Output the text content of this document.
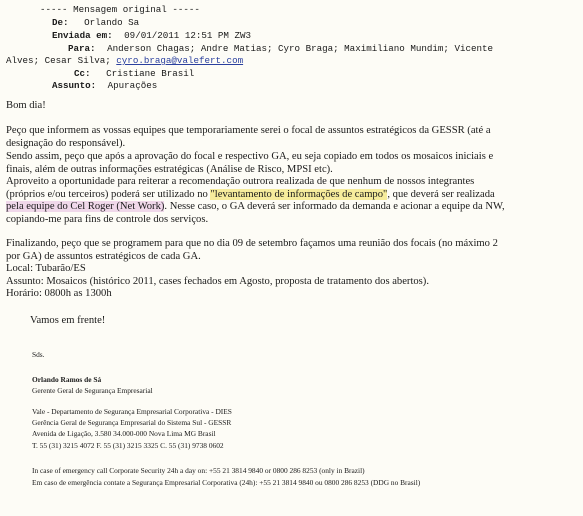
----- Mensagem original -----
De: Orlando Sa
Enviada em: 09/01/2011 12:51 PM ZW3
Para: Anderson Chagas; Andre Matias; Cyro Braga; Maximiliano Mundim; Vicente
Alves; Cesar Silva; cyro.braga@valefert.com
Cc: Cristiane Brasil
Assunto: Apurações
Bom dia!
Peço que informem as vossas equipes que temporariamente serei o focal de assuntos estratégicos da GESSR (até a
designação do responsável).
Sendo assim, peço que após a aprovação do focal e respectivo GA, eu seja copiado em todos os mosaicos iniciais e
finais, além de outras informações estratégicas (Análise de Risco, MPSI etc).
Aproveito a oportunidade para reiterar a recomendação outrora realizada de que nenhum de nossos integrantes
(próprios e/ou terceiros) poderá ser utilizado no "levantamento de informações de campo", que deverá ser realizada
pela equipe do Cel Roger (Net Work). Nesse caso, o GA deverá ser informado da demanda e acionar a equipe da NW,
copiando-me para fins de controle dos serviços.
Finalizando, peço que se programem para que no dia 09 de setembro façamos uma reunião dos focais (no máximo 2
por GA) de assuntos estratégicos de cada GA.
Local: Tubarão/ES
Assunto: Mosaicos (histórico 2011, cases fechados em Agosto, proposta de tratamento dos abertos).
Horário: 0800h as 1300h
Vamos em frente!
Sds.
Orlando Ramos de Sá
Gerente Geral de Segurança Empresarial
Vale - Departamento de Segurança Empresarial Corporativa - DIES
Gerência Geral de Segurança Empresarial do Sistema Sul - GESSR
Avenida de Ligação, 3.580 34.000-000 Nova Lima MG Brasil
T. 55 (31) 3215 4072 F. 55 (31) 3215 3325 C. 55 (31) 9738 0602
In case of emergency call Corporate Security 24h a day on: +55 21 3814 9840 or 0800 286 8253 (only in Brazil)
Em caso de emergência contate a Segurança Empresarial Corporativa (24h): +55 21 3814 9840 ou 0800 286 8253 (DDG no Brasil)
